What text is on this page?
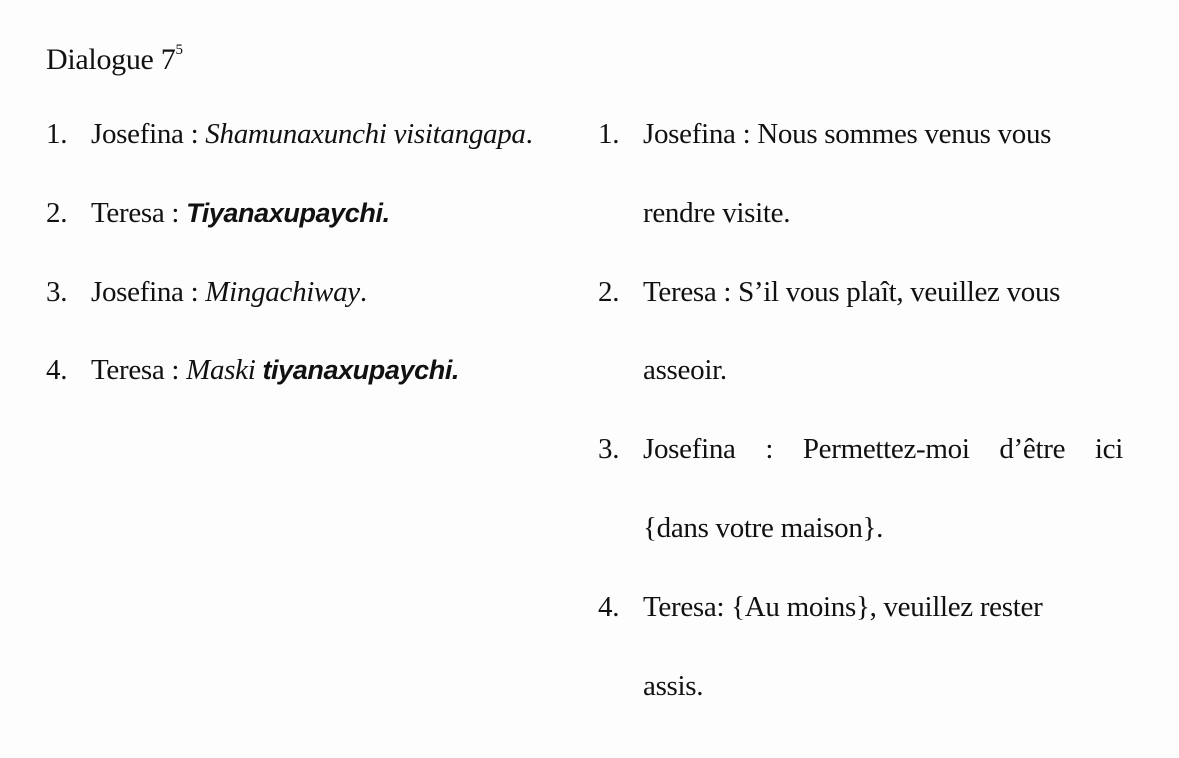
Dialogue $7^5$
1. Josefina : Shamunaxunchi visitangapa.
2. Teresa : Tiyanaxupaychi.
3. Josefina : Mingachiway.
4. Teresa : Maski tiyanaxupaychi.
1. Josefina : Nous sommes venus vous
rendre visite.
2. Teresa : S’il vous plaît, veuillez vous
asseoir.
3. Josefina : Permettez-moi d’être ici
{dans votre maison}.
4. Teresa: {Au moins}, veuillez rester
assis.
